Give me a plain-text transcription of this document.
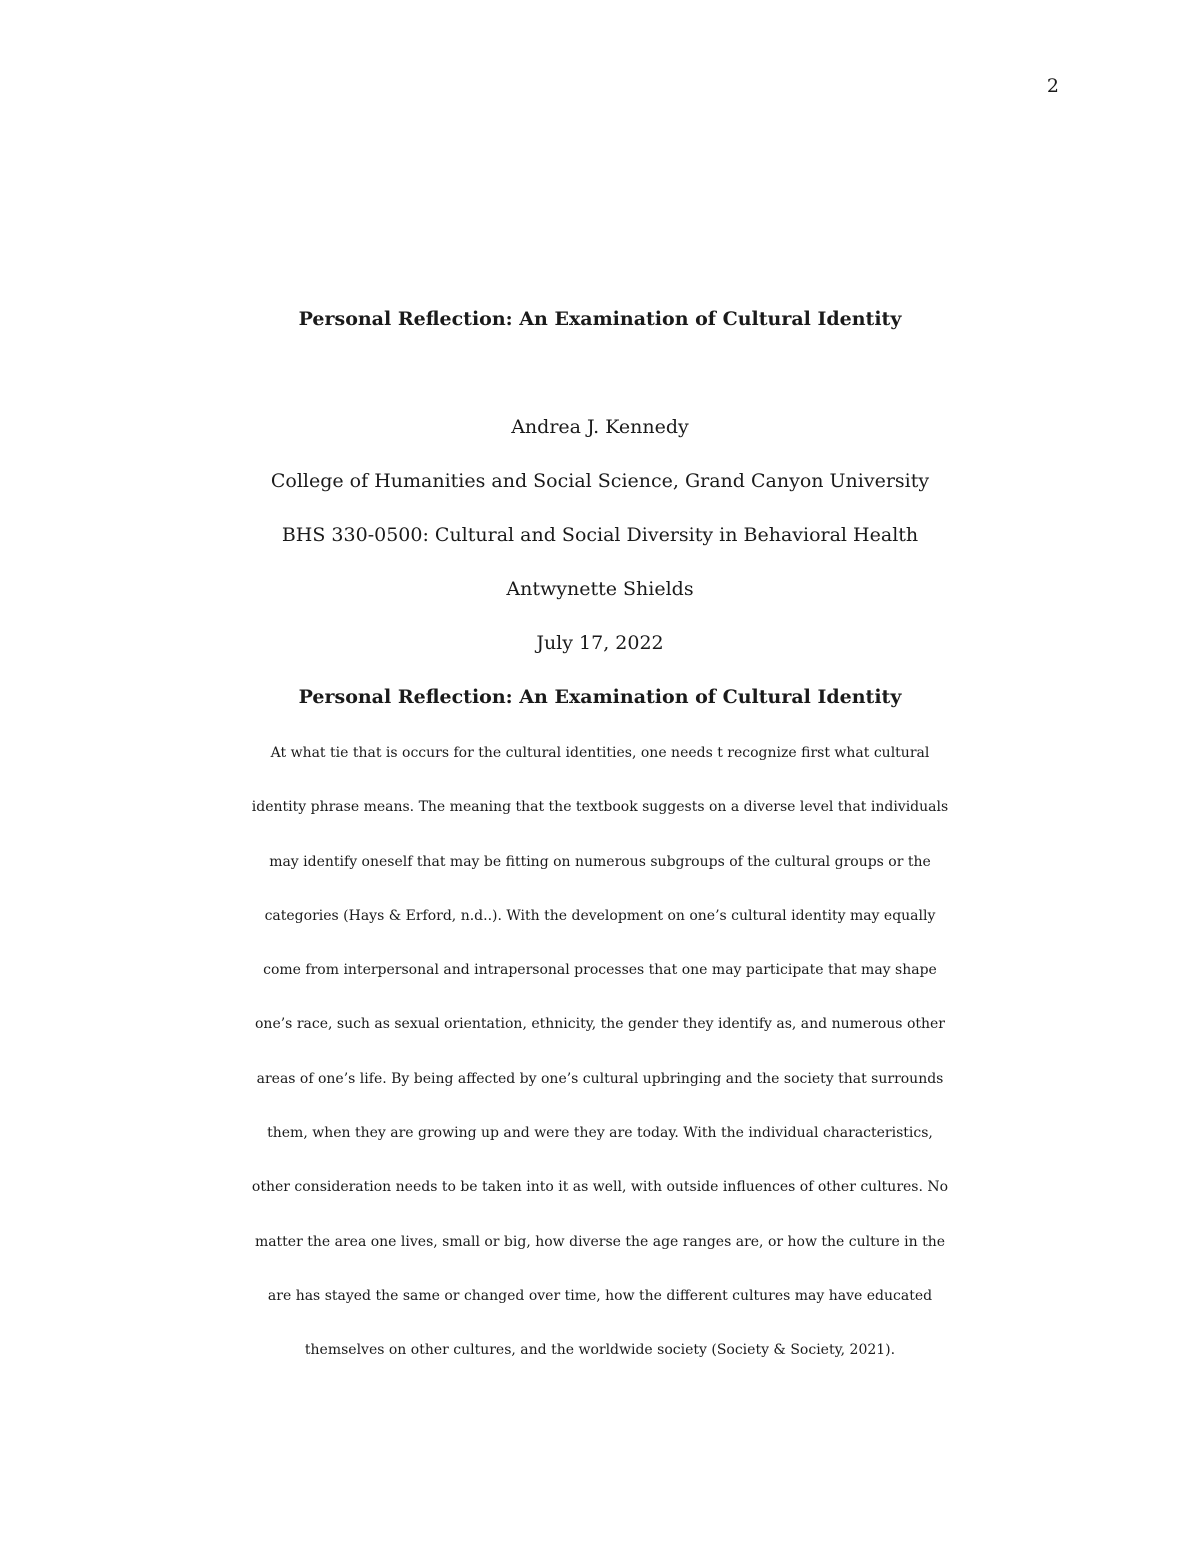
2
Personal Reflection: An Examination of Cultural Identity
Andrea J. Kennedy
College of Humanities and Social Science, Grand Canyon University
BHS 330-0500: Cultural and Social Diversity in Behavioral Health
Antwynette Shields
July 17, 2022
Personal Reflection: An Examination of Cultural Identity
At what tie that is occurs for the cultural identities, one needs t recognize first what cultural
identity phrase means. The meaning that the textbook suggests on a diverse level that individuals
may identify oneself that may be fitting on numerous subgroups of the cultural groups or the
categories (Hays & Erford, n.d..). With the development on one’s cultural identity may equally
come from interpersonal and intrapersonal processes that one may participate that may shape
one’s race, such as sexual orientation, ethnicity, the gender they identify as, and numerous other
areas of one’s life. By being affected by one’s cultural upbringing and the society that surrounds
them, when they are growing up and were they are today. With the individual characteristics,
other consideration needs to be taken into it as well, with outside influences of other cultures. No
matter the area one lives, small or big, how diverse the age ranges are, or how the culture in the
are has stayed the same or changed over time, how the different cultures may have educated
themselves on other cultures, and the worldwide society (Society & Society, 2021).
